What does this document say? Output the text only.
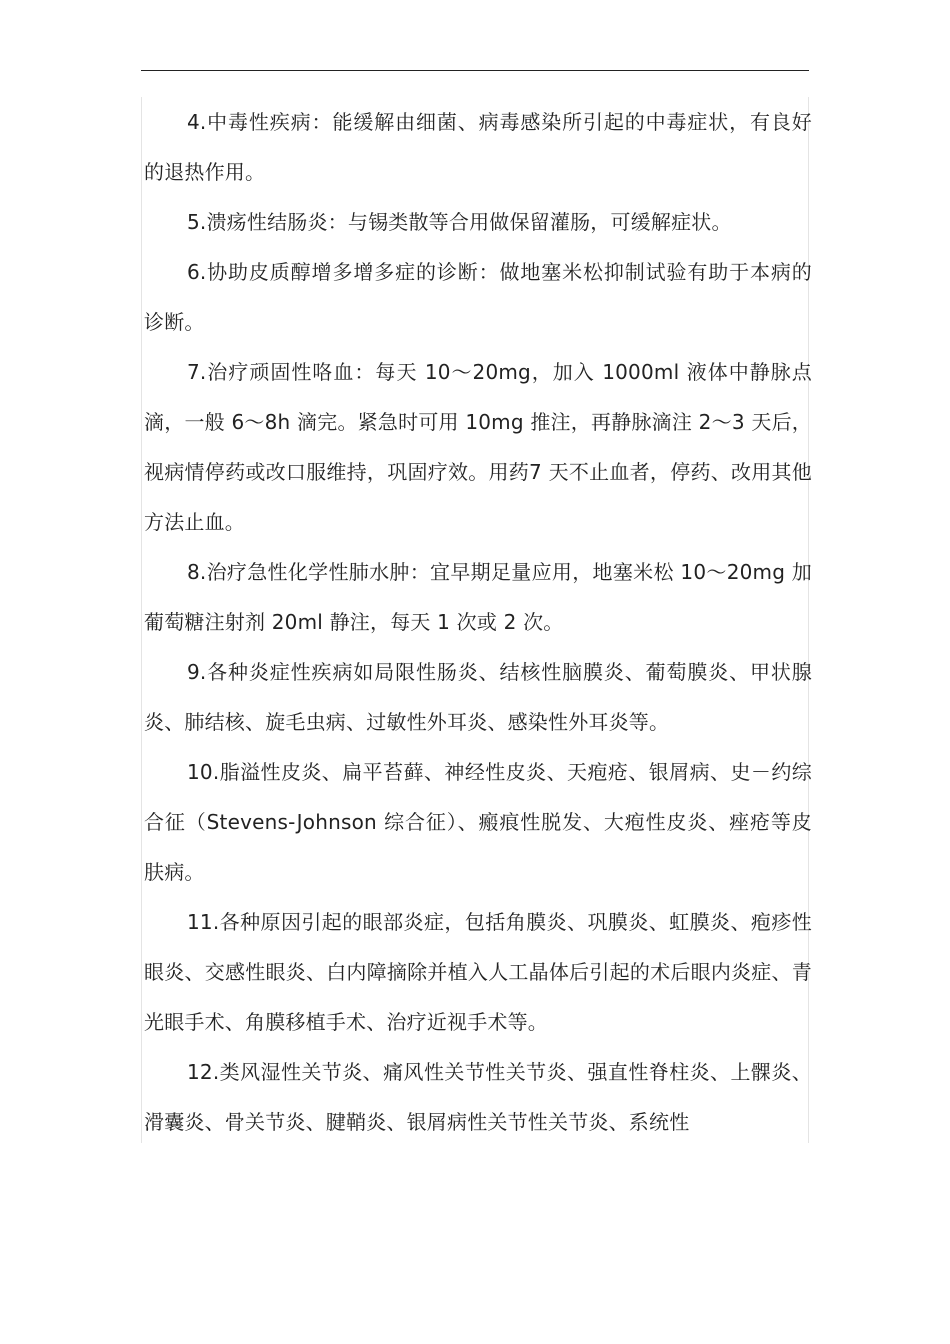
4.中毒性疾病：能缓解由细菌、病毒感染所引起的中毒症状，有良好的退热作用。

5.溃疡性结肠炎：与锡类散等合用做保留灌肠，可缓解症状。

6.协助皮质醇增多增多症的诊断：做地塞米松抑制试验有助于本病的诊断。

7.治疗顽固性咯血：每天 10～20mg，加入 1000ml 液体中静脉点滴，一般 6～8h 滴完。紧急时可用 10mg 推注，再静脉滴注 2～3 天后，视病情停药或改口服维持，巩固疗效。用药7 天不止血者，停药、改用其他方法止血。

8.治疗急性化学性肺水肿：宜早期足量应用，地塞米松 10～20mg 加葡萄糖注射剂 20ml 静注，每天 1 次或 2 次。

9.各种炎症性疾病如局限性肠炎、结核性脑膜炎、葡萄膜炎、甲状腺炎、肺结核、旋毛虫病、过敏性外耳炎、感染性外耳炎等。

10.脂溢性皮炎、扁平苔藓、神经性皮炎、天疱疮、银屑病、史－约综合征（Stevens-Johnson 综合征）、瘢痕性脱发、大疱性皮炎、痤疮等皮肤病。

11.各种原因引起的眼部炎症，包括角膜炎、巩膜炎、虹膜炎、疱疹性眼炎、交感性眼炎、白内障摘除并植入人工晶体后引起的术后眼内炎症、青光眼手术、角膜移植手术、治疗近视手术等。

12.类风湿性关节炎、痛风性关节性关节炎、强直性脊柱炎、上髁炎、滑囊炎、骨关节炎、腱鞘炎、银屑病性关节性关节炎、系统性
